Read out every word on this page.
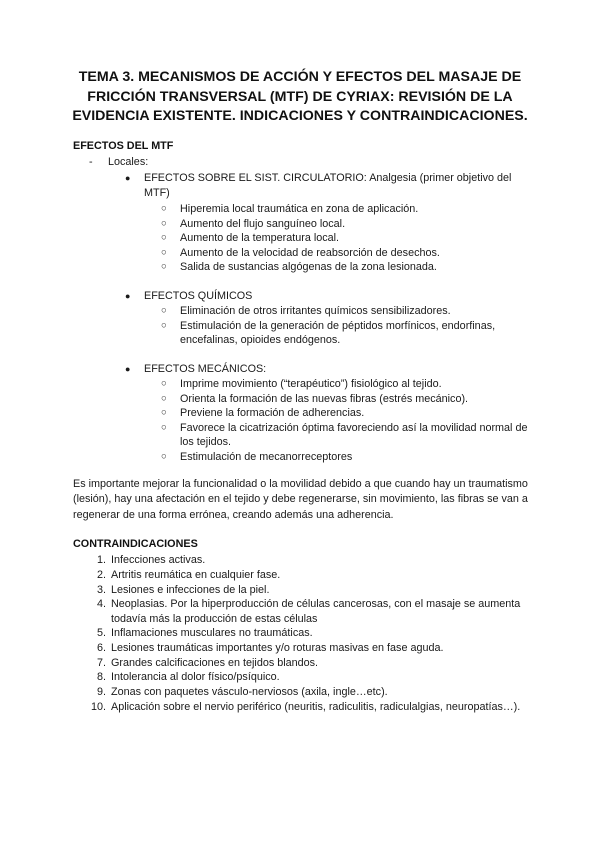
TEMA 3. MECANISMOS DE ACCIÓN Y EFECTOS DEL MASAJE DE FRICCIÓN TRANSVERSAL (MTF) DE CYRIAX: REVISIÓN DE LA EVIDENCIA EXISTENTE. INDICACIONES Y CONTRAINDICACIONES.
EFECTOS DEL MTF
- Locales:
● EFECTOS SOBRE EL SIST. CIRCULATORIO: Analgesia (primer objetivo del MTF)
○ Hiperemia local traumática en zona de aplicación.
○ Aumento del flujo sanguíneo local.
○ Aumento de la temperatura local.
○ Aumento de la velocidad de reabsorción de desechos.
○ Salida de sustancias algógenas de la zona lesionada.
● EFECTOS QUÍMICOS
○ Eliminación de otros irritantes químicos sensibilizadores.
○ Estimulación de la generación de péptidos morfínicos, endorfinas, encefalinas, opioides endógenos.
● EFECTOS MECÁNICOS:
○ Imprime movimiento (“terapéutico”) fisiológico al tejido.
○ Orienta la formación de las nuevas fibras (estrés mecánico).
○ Previene la formación de adherencias.
○ Favorece la cicatrización óptima favoreciendo así la movilidad normal de los tejidos.
○ Estimulación de mecanorreceptores
Es importante mejorar la funcionalidad o la movilidad debido a que cuando hay un traumatismo (lesión), hay una afectación en el tejido y debe regenerarse, sin movimiento, las fibras se van a regenerar de una forma errónea, creando además una adherencia.
CONTRAINDICACIONES
1. Infecciones activas.
2. Artritis reumática en cualquier fase.
3. Lesiones e infecciones de la piel.
4. Neoplasias. Por la hiperproducción de células cancerosas, con el masaje se aumenta todavía más la producción de estas células
5. Inflamaciones musculares no traumáticas.
6. Lesiones traumáticas importantes y/o roturas masivas en fase aguda.
7. Grandes calcificaciones en tejidos blandos.
8. Intolerancia al dolor físico/psíquico.
9. Zonas con paquetes vásculo-nerviosos (axila, ingle…etc).
10. Aplicación sobre el nervio periférico (neuritis, radiculitis, radiculalgias, neuropatías…).
